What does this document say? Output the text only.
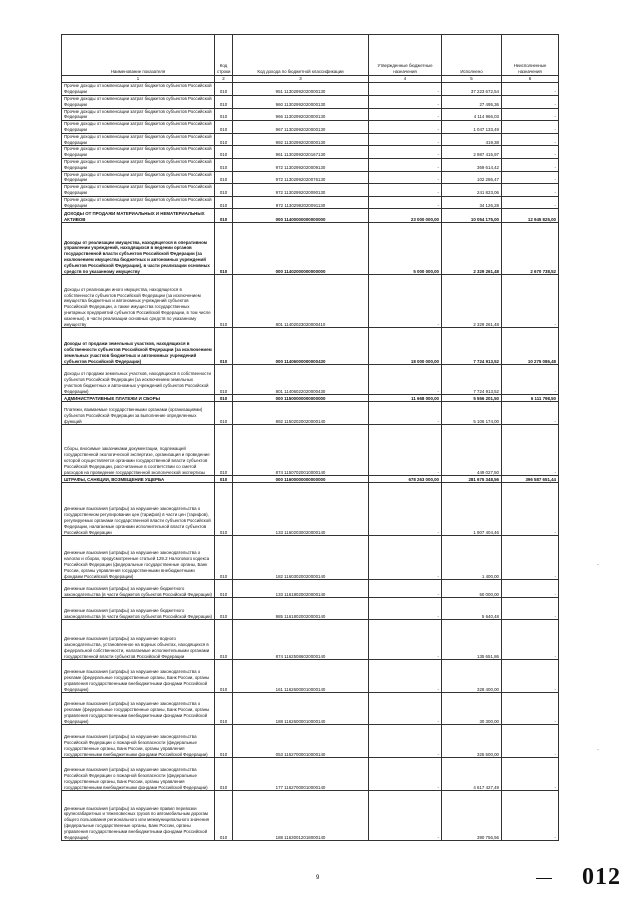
Наименование показателя	Код строки	Код дохода по бюджетной классификации	Утвержденные бюджетные назначения	Исполнено	Неисполненные назначения
1	2	3	4	5	6
Прочие доходы от компенсации затрат бюджетов субъектов Российской Федерации	010	951 11302992020000130	-	37 223 672,54	-
Прочие доходы от компенсации затрат бюджетов субъектов Российской Федерации	010	960 11302992020000130	-	27 495,36	-
Прочие доходы от компенсации затрат бюджетов субъектов Российской Федерации	010	966 11302992020000130	-	4 114 966,03	-
Прочие доходы от компенсации затрат бюджетов субъектов Российской Федерации	010	967 11302992020000130	-	1 047 133,49	-
Прочие доходы от компенсации затрат бюджетов субъектов Российской Федерации	010	992 11302992020000130	-	419,38	-
Прочие доходы от компенсации затрат бюджетов субъектов Российской Федерации	010	961 11302992020167130	-	2 987 415,97	-
Прочие доходы от компенсации затрат бюджетов субъектов Российской Федерации	010	972 11302992020009130	-	369 614,42	-
Прочие доходы от компенсации затрат бюджетов субъектов Российской Федерации	010	972 11302992020076130	-	102 286,47	-
Прочие доходы от компенсации затрат бюджетов субъектов Российской Федерации	010	972 11302992020090130	-	241 823,06	-
Прочие доходы от компенсации затрат бюджетов субъектов Российской Федерации	010	972 11302992020091130	-	34 126,28	-
ДОХОДЫ ОТ ПРОДАЖИ МАТЕРИАЛЬНЫХ И НЕМАТЕРИАЛЬНЫХ АКТИВОВ	010	000 11400000000000000	23 000 000,00	10 054 175,00	12 945 825,00
Доходы от реализации имущества, находящегося в оперативном управлении учреждений, находящихся в ведении органов государственной власти субъектов Российской Федерации (за исключением имущества бюджетных и автономных учреждений субъектов Российской Федерации), в части реализации основных средств по указанному имуществу	010	000 11402000000000000	5 000 000,00	2 329 261,48	2 670 738,52
Доходы от реализации иного имущества, находящегося в собственности субъектов Российской Федерации (за исключением имущества бюджетных и автономных учреждений субъектов Российской Федерации, а также имущества государственных унитарных предприятий субъектов Российской Федерации, в том числе казенных), в части реализации основных средств по указанному имуществу	010	801 11402023020000410	-	2 329 261,48	-
Доходы от продажи земельных участков, находящихся в собственности субъектов Российской Федерации (за исключением земельных участков бюджетных и автономных учреждений субъектов Российской Федерации)	010	000 11406000000000430	18 000 000,00	7 724 913,52	10 275 086,48
Доходы от продажи земельных участков, находящихся в собственности субъектов Российской Федерации (за исключением земельных участков бюджетных и автономных учреждений субъектов Российской Федерации)	010	801 11406022020000430	-	7 724 913,52	-
АДМИНИСТРАТИВНЫЕ ПЛАТЕЖИ И СБОРЫ	010	000 11500000000000000	11 668 000,00	5 556 201,50	6 111 798,50
Платежи, взимаемые государственными органами (организациями) субъектов Российской Федерации за выполнение определенных функций	010	892 11502020020000140	-	5 106 174,00	-
Сборы, вносимые заказчиками документации, подлежащей государственной экологической экспертизе, организация и проведение которой осуществляется органами государственной власти субъектов Российской Федерации, рассчитанные в соответствии со сметой расходов на проведение государственной экологической экспертизы	010	874 11507020010000140	-	449 027,50	-
ШТРАФЫ, САНКЦИИ, ВОЗМЕЩЕНИЕ УЩЕРБА	010	000 11600000000000000	678 263 000,00	281 675 348,56	396 587 651,44
Денежные взыскания (штрафы) за нарушение законодательства о государственном регулировании цен (тарифов) в части цен (тарифов), регулируемых органами государственной власти субъектов Российской Федерации, налагаемые органами исполнительной власти субъектов Российской Федерации	010	133 11602030020000140	-	1 907 404,46	-
Денежные взыскания (штрафы) за нарушение законодательства о налогах и сборах, предусмотренные статьей 129.2 Налогового кодекса Российской Федерации (федеральные государственные органы, Банк России, органы управления государственными внебюджетными фондами Российской Федерации)	010	182 11603020020000140	-	1 400,00	-
Денежные взыскания (штрафы) за нарушение бюджетного законодательства (в части бюджетов субъектов Российской Федерации)	010	133 11618020020000140	-	50 000,00	-
Денежные взыскания (штрафы) за нарушение бюджетного законодательства (в части бюджетов субъектов Российской Федерации)	010	985 11618020020000140	-	5 640,48	-
Денежные взыскания (штрафы) за нарушение водного законодательства, установленное на водных объектах, находящихся в федеральной собственности, налагаемые исполнительными органами государственной власти субъектов Российской Федерации	010	874 11625086020000140	-	135 651,86	-
Денежные взыскания (штрафы) за нарушение законодательства о рекламе (федеральные государственные органы, Банк России, органы управления государственными внебюджетными фондами Российской Федерации)	010	161 11626000010000140	-	328 400,00	-
Денежные взыскания (штрафы) за нарушение законодательства о рекламе (федеральные государственные органы, Банк России, органы управления государственными внебюджетными фондами Российской Федерации)	010	188 11626000010000140	-	30 300,00	-
Денежные взыскания (штрафы) за нарушение законодательства Российской Федерации о пожарной безопасности (федеральные государственные органы, Банк России, органы управления государственными внебюджетными фондами Российской Федерации)	010	053 11627000010000140	-	325 500,00	-
Денежные взыскания (штрафы) за нарушение законодательства Российской Федерации о пожарной безопасности (федеральные государственные органы, Банк России, органы управления государственными внебюджетными фондами Российской Федерации)	010	177 11627000010000140	-	4 617 427,49	-
Денежные взыскания (штрафы) за нарушение правил перевозки крупногабаритных и тяжеловесных грузов по автомобильным дорогам общего пользования регионального или межмуниципального значения (федеральные государственные органы, Банк России, органы управления государственными внебюджетными фондами Российской Федерации)	010	188 11630012018000140	-	390 756,56	-
9	012
.
.
